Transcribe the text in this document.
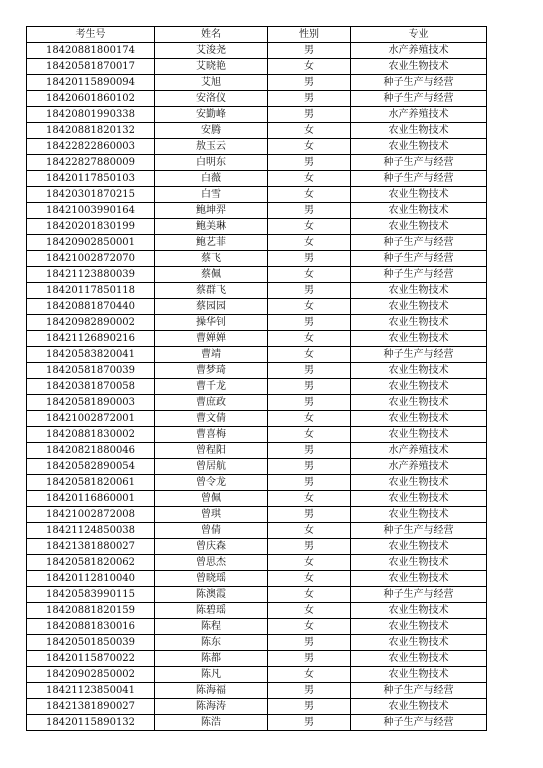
考生号	姓名	性别	专业
18420881800174	艾浚尧	男	水产养殖技术
18420581870017	艾晓艳	女	农业生物技术
18420115890094	艾旭	男	种子生产与经营
18420601860102	安洛仪	男	种子生产与经营
18420801990338	安勤峰	男	水产养殖技术
18420881820132	安腾	女	农业生物技术
18422822860003	敖玉云	女	农业生物技术
18422827880009	白明东	男	种子生产与经营
18420117850103	白薇	女	种子生产与经营
18420301870215	白雪	女	农业生物技术
18421003990164	鲍坤羿	男	农业生物技术
18420201830199	鲍美琳	女	农业生物技术
18420902850001	鲍艺菲	女	种子生产与经营
18421002872070	蔡飞	男	种子生产与经营
18421123880039	蔡佩	女	种子生产与经营
18420117850118	蔡群飞	男	农业生物技术
18420881870440	蔡园园	女	农业生物技术
18420982890002	操华钊	男	农业生物技术
18421126890216	曹婵婵	女	农业生物技术
18420583820041	曹靖	女	种子生产与经营
18420581870039	曹梦琦	男	农业生物技术
18420381870058	曹千龙	男	农业生物技术
18420581890003	曹庶政	男	农业生物技术
18421002872001	曹文倩	女	农业生物技术
18420881830002	曹喜梅	女	农业生物技术
18420821880046	曾程阳	男	水产养殖技术
18420582890054	曾居航	男	水产养殖技术
18420581820061	曾令龙	男	农业生物技术
18420116860001	曾佩	女	农业生物技术
18421002872008	曾琪	男	农业生物技术
18421124850038	曾倩	女	种子生产与经营
18421381880027	曾庆森	男	农业生物技术
18420581820062	曾思杰	女	农业生物技术
18420112810040	曾晓瑶	女	农业生物技术
18420583990115	陈澳霞	女	种子生产与经营
18420881820159	陈碧瑶	女	农业生物技术
18420881830016	陈程	女	农业生物技术
18420501850039	陈东	男	农业生物技术
18420115870022	陈都	男	农业生物技术
18420902850002	陈凡	女	农业生物技术
18421123850041	陈海福	男	种子生产与经营
18421381890027	陈海涛	男	农业生物技术
18420115890132	陈浩	男	种子生产与经营
